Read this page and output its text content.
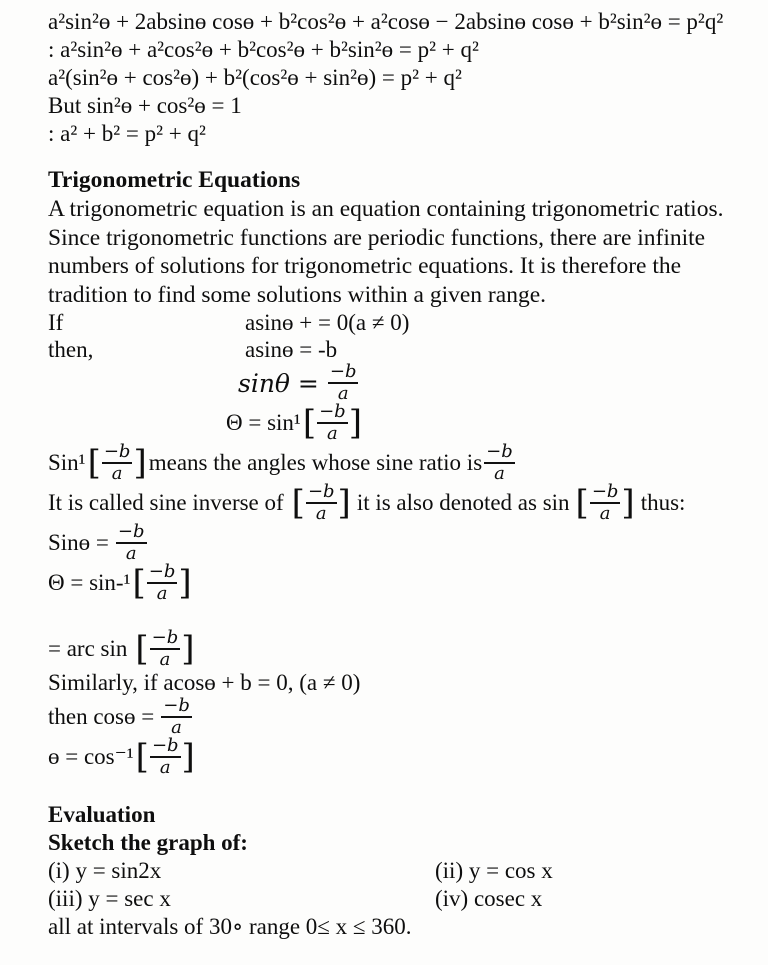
a²sin²ɵ + 2absinɵ cosɵ + b²cos²ɵ + a²cosɵ − 2absinɵ cosɵ + b²sin²ɵ = p²q²
: a²sin²ɵ + a²cos²ɵ + b²cos²ɵ + b²sin²ɵ = p² + q²
a²(sin²ɵ + cos²ɵ) + b²(cos²ɵ + sin²ɵ) = p² + q²
But sin²ɵ + cos²ɵ = 1
: a² + b² = p² + q²
Trigonometric Equations
A trigonometric equation is an equation containing trigonometric ratios.
Since trigonometric functions are periodic functions, there are infinite
numbers of solutions for trigonometric equations. It is therefore the
tradition to find some solutions within a given range.
If	asinɵ + = 0(a ≠ 0)
then,	asinɵ = -b
$\sin\theta = \frac{-b}{a}$
Θ = sin¹ [ $\frac{-b}{a}$ ]
Sin¹ [ $\frac{-b}{a}$ ] means the angles whose sine ratio is $\frac{-b}{a}$
It is called sine inverse of [ $\frac{-b}{a}$ ] it is also denoted as sin [ $\frac{-b}{a}$ ] thus:
Sinɵ = $\frac{-b}{a}$
Θ = sin-¹ [ $\frac{-b}{a}$ ]
= arc sin [ $\frac{-b}{a}$ ]
Similarly, if acosɵ + b = 0, (a ≠ 0)
then cosɵ = $\frac{-b}{a}$
ɵ = cos⁻¹ [ $\frac{-b}{a}$ ]
Evaluation
Sketch the graph of:
(i) y = sin2x	(ii) y = cos x
(iii) y = sec x	(iv) cosec x
all at intervals of 30∘ range 0≤ x ≤ 360.
